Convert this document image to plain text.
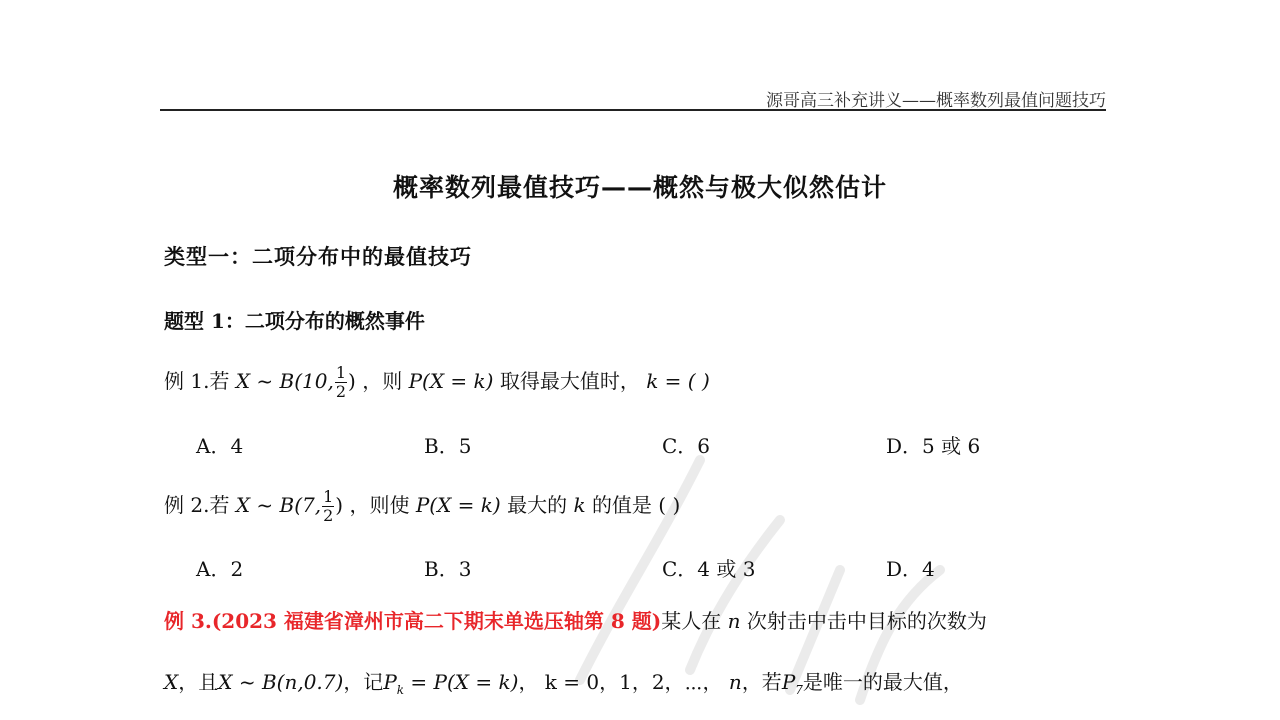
源哥高三补充讲义——概率数列最值问题技巧
概率数列最值技巧——概然与极大似然估计
类型一：二项分布中的最值技巧
题型 1：二项分布的概然事件
例 1.若 X ~ B(10, $\frac{1}{2}$ ) ，则 P(X = k) 取得最大值时， k = ( )
A．4	B．5	C．6	D．5 或 6
例 2.若 X ~ B(7, $\frac{1}{2}$ ) ，则使 P(X = k) 最大的 k 的值是 ( )
A．2	B．3	C．4 或 3	D．4
例 3.(2023 福建省漳州市高二下期末单选压轴第 8 题)某人在 n 次射击中击中目标的次数为
X，且X ~ B(n,0.7)，记$P_k = P(X = k)$， k = 0，1，2，⋯， n，若$P_7$是唯一的最大值，
